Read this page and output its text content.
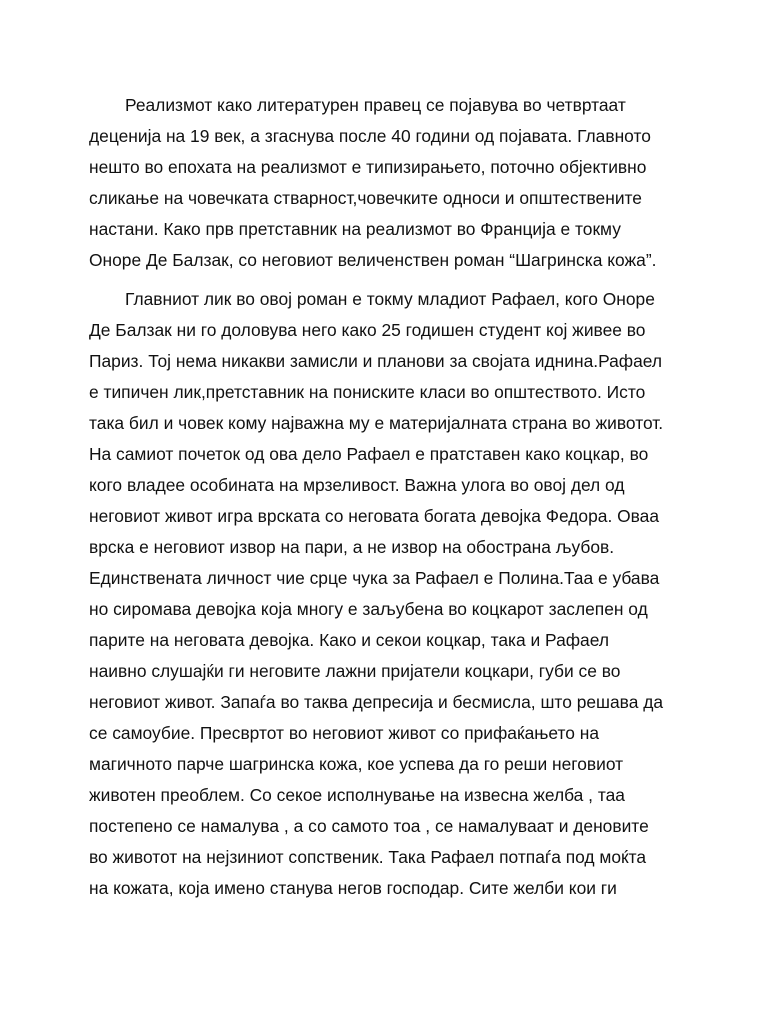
Реализмот како литературен правец се појавува во четвртаат
деценија на 19 век, а згаснува после 40 години од појавата. Главното
нешто во епохата на реализмот е типизирањето, поточно објективно
сликање на човечката стварност,човечките односи и општествените
настани. Како прв претставник на реализмот во Франција е токму
Оноре Де Балзак, со неговиот величенствен роман “Шагринска кожа”.

Главниот лик во овој роман е токму младиот Рафаел, кого Оноре
Де Балзак ни го доловува него како 25 годишен студент кој живее во
Париз. Тој нема никакви замисли и планови за својата иднина.Рафаел
е типичен лик,претставник на пониските класи во општеството. Исто
така бил и човек кому најважна му е материјалната страна во животот.
На самиот почеток од ова дело Рафаел е пратставен како коцкар, во
кого владее особината на мрзеливост. Важна улога во овој дел од
неговиот живот игра врската со неговата богата девојка Федора. Оваа
врска е неговиот извор на пари, а не извор на обострана љубов.
Единствената личност чие срце чука за Рафаел е Полина.Таа е убава
но сиромава девојка која многу е заљубена во коцкарот заслепен од
парите на неговата девојка. Како и секои коцкар, така и Рафаел
наивно слушајќи ги неговите лажни пријатели коцкари, губи се во
неговиот живот. Запаѓа во таква депресија и бесмисла, што решава да
се самоубие. Пресвртот во неговиот живот со прифаќањето на
магичното парче шагринска кожа, кое успева да го реши неговиот
животен преоблем. Со секое исполнување на извесна желба , таа
постепено се намалува , а со самото тоа , се намалуваат и деновите
во животот на нејзиниот сопственик. Така Рафаел потпаѓа под моќта
на кожата, која имено станува негов господар. Сите желби кои ги
